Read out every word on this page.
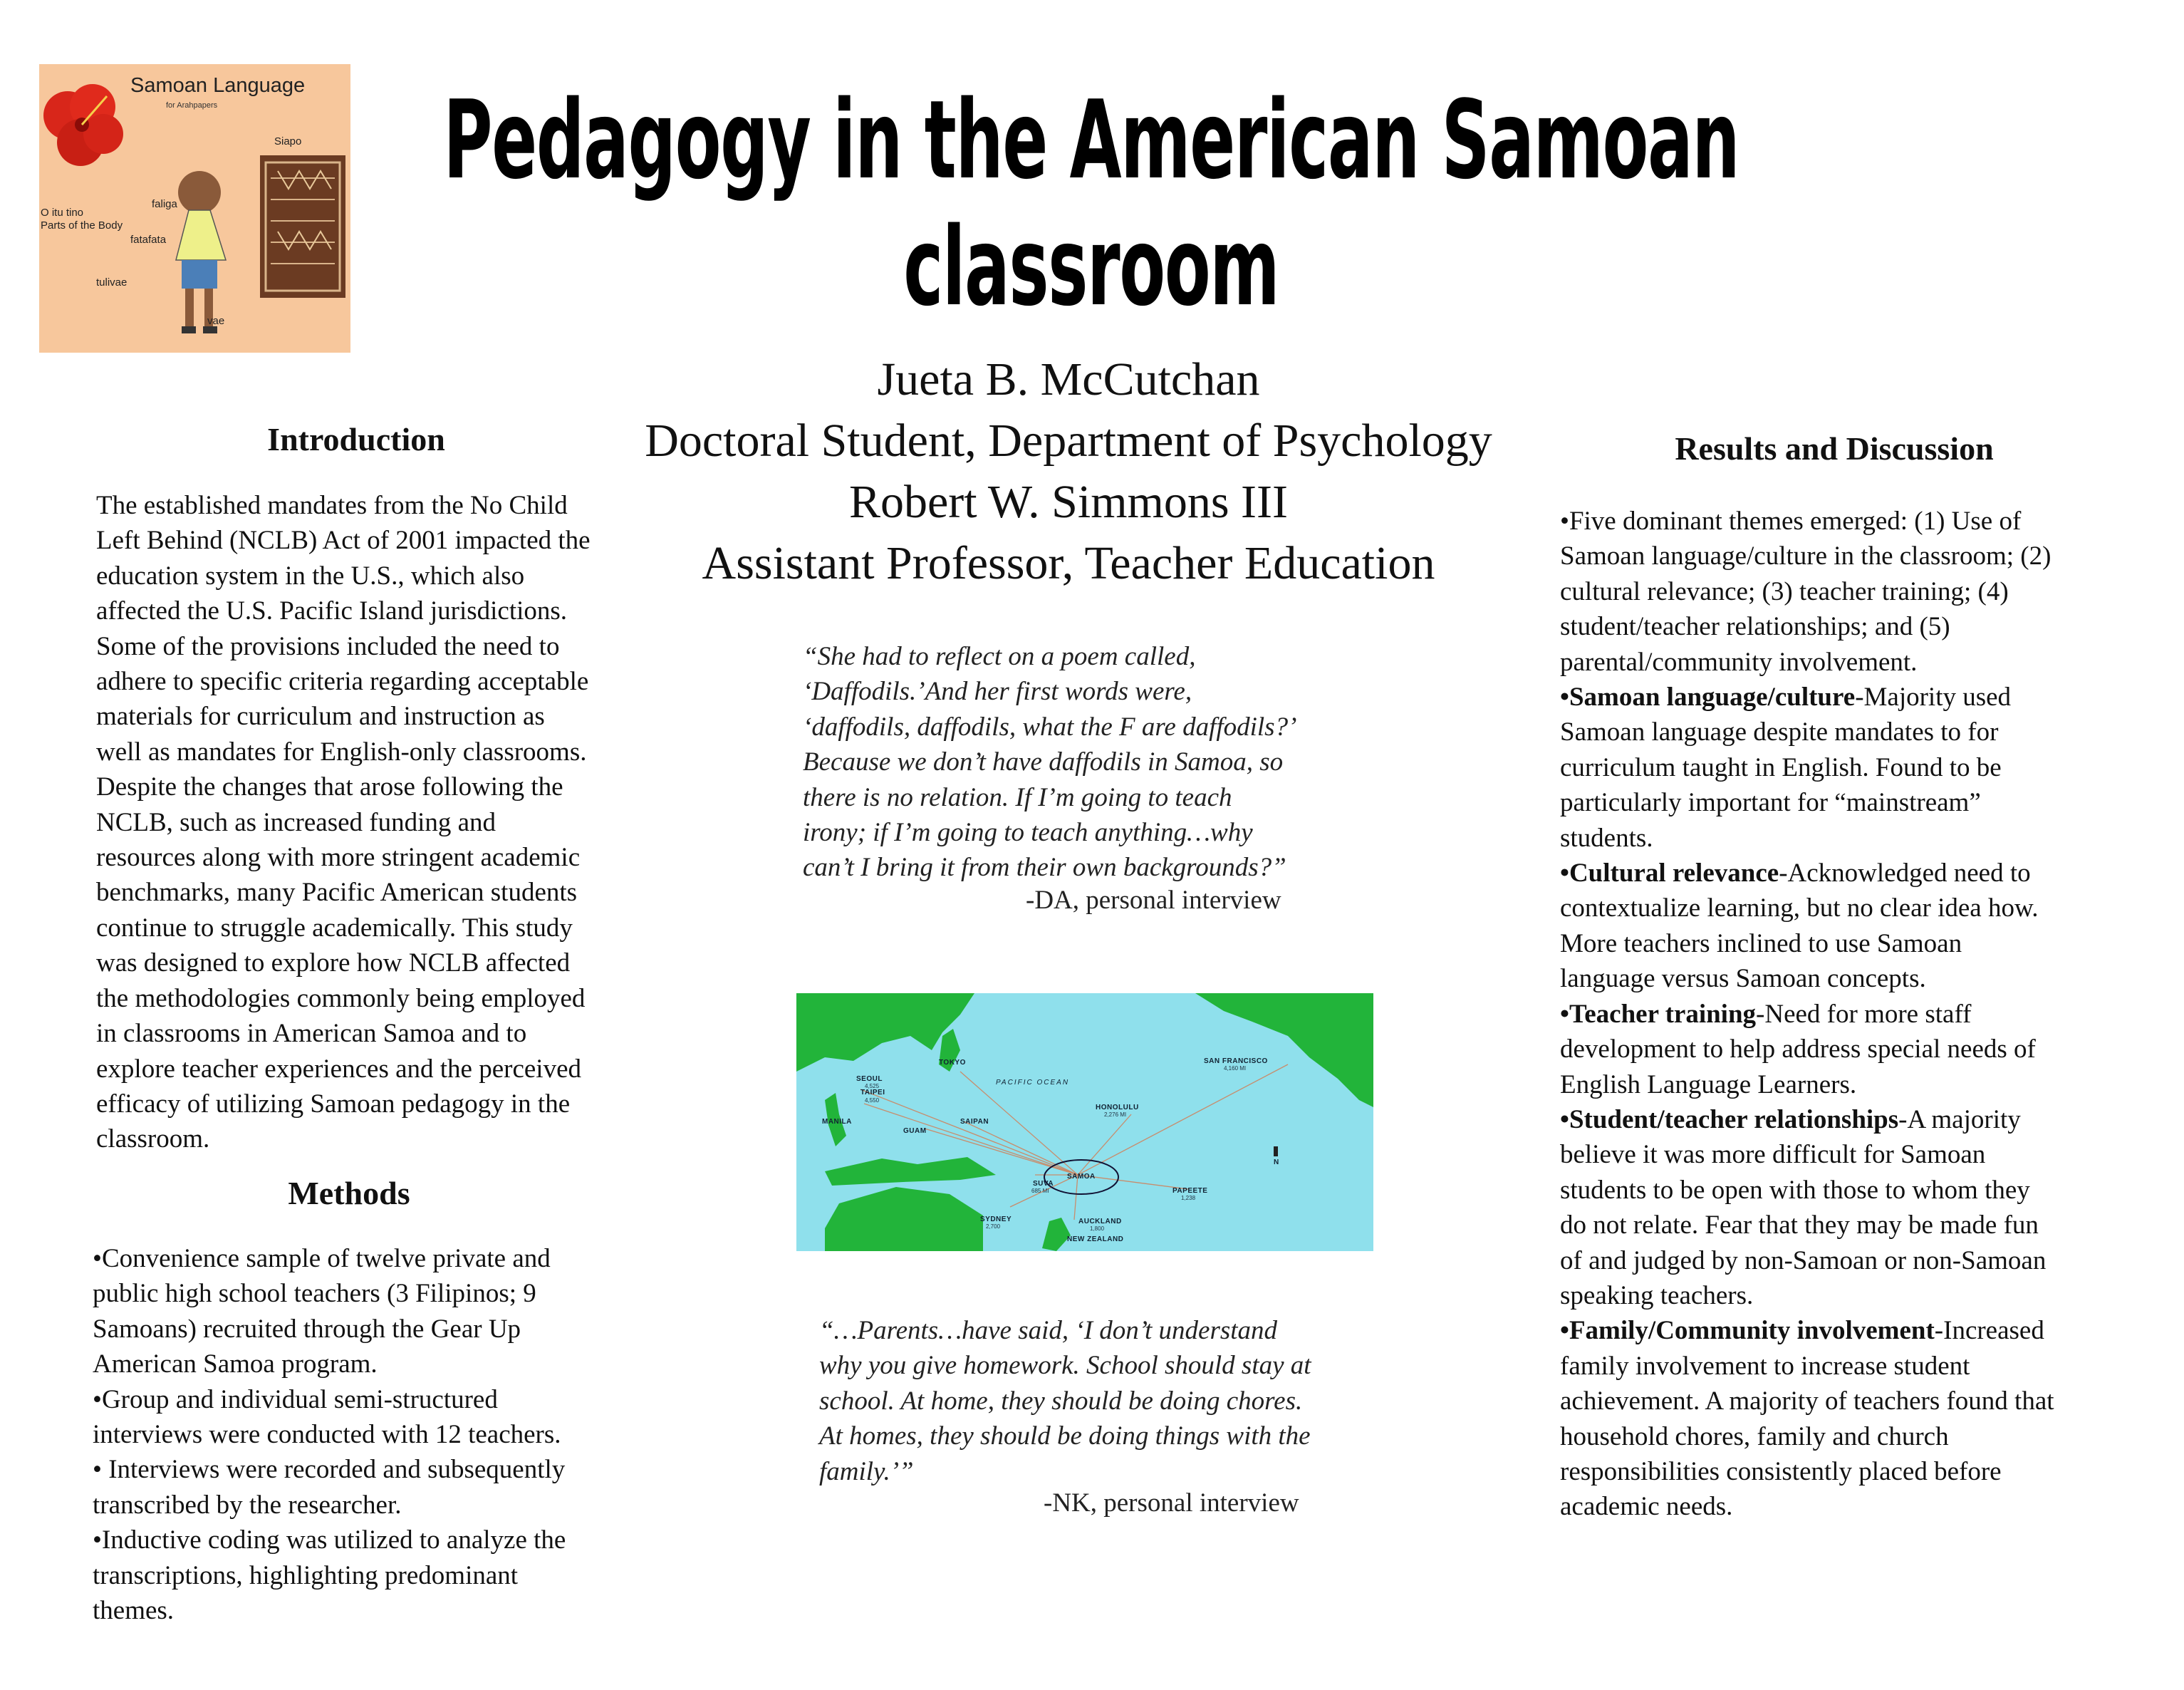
Samoan Language
for Arahpapers
Siapo
O itu tino
Parts of the Body
faliga
fatafata
tulivae
vae
Pedagogy in the American Samoan
classroom
Jueta B. McCutchan
Doctoral Student, Department of Psychology
Robert W. Simmons III
Assistant Professor, Teacher Education
Introduction
The established mandates from the No Child
Left Behind (NCLB) Act of 2001 impacted the
education system in the U.S., which also
affected the U.S. Pacific Island jurisdictions.
Some of the provisions included the need to
adhere to specific criteria regarding acceptable
materials for curriculum and instruction as
well as mandates for English-only classrooms.
Despite the changes that arose following the
NCLB, such as increased funding and
resources along with more stringent academic
benchmarks, many Pacific American students
continue to struggle academically. This study
was designed to explore how NCLB affected
the methodologies commonly being employed
in classrooms in American Samoa and to
explore teacher experiences and the perceived
efficacy of utilizing Samoan pedagogy in the
classroom.
Methods
•Convenience sample of twelve private and
public high school teachers (3 Filipinos; 9
Samoans) recruited through the Gear Up
American Samoa program.
•Group and individual semi-structured
interviews were conducted with 12 teachers.
• Interviews were recorded and subsequently
transcribed by the researcher.
•Inductive coding was utilized to analyze the
transcriptions, highlighting predominant
themes.
“She had to reflect on a poem called,
‘Daffodils.’And her first words were,
‘daffodils, daffodils, what the F are daffodils?’
Because we don’t have daffodils in Samoa, so
there is no relation. If I’m going to teach
irony; if I’m going to teach anything…why
can’t I bring it from their own backgrounds?”
-DA, personal interview
PACIFIC OCEAN
SAMOA
N
SEOUL
4,525
TAIPEI
4,550
TOKYO
MANILA
GUAM
SAIPAN
HONOLULU
2,276 MI
SAN FRANCISCO
4,160 MI
SUVA
685 MI
SYDNEY
2,700
AUCKLAND
1,800
PAPEETE
1,238
NEW ZEALAND
“…Parents…have said, ‘I don’t understand
why you give homework. School should stay at
school. At home, they should be doing chores.
At homes, they should be doing things with the
family.’”
-NK, personal interview
Results and Discussion
•Five dominant themes emerged: (1) Use of
Samoan language/culture in the classroom; (2)
cultural relevance; (3) teacher training; (4)
student/teacher relationships; and (5)
parental/community involvement.
•Samoan language/culture-Majority used
Samoan language despite mandates to for
curriculum taught in English. Found to be
particularly important for “mainstream”
students.
•Cultural relevance-Acknowledged need to
contextualize learning, but no clear idea how.
More teachers inclined to use Samoan
language versus Samoan concepts.
•Teacher training-Need for more staff
development to help address special needs of
English Language Learners.
•Student/teacher relationships-A majority
believe it was more difficult for Samoan
students to be open with those to whom they
do not relate. Fear that they may be made fun
of and judged by non-Samoan or non-Samoan
speaking teachers.
•Family/Community involvement-Increased
family involvement to increase student
achievement. A majority of teachers found that
household chores, family and church
responsibilities consistently placed before
academic needs.
